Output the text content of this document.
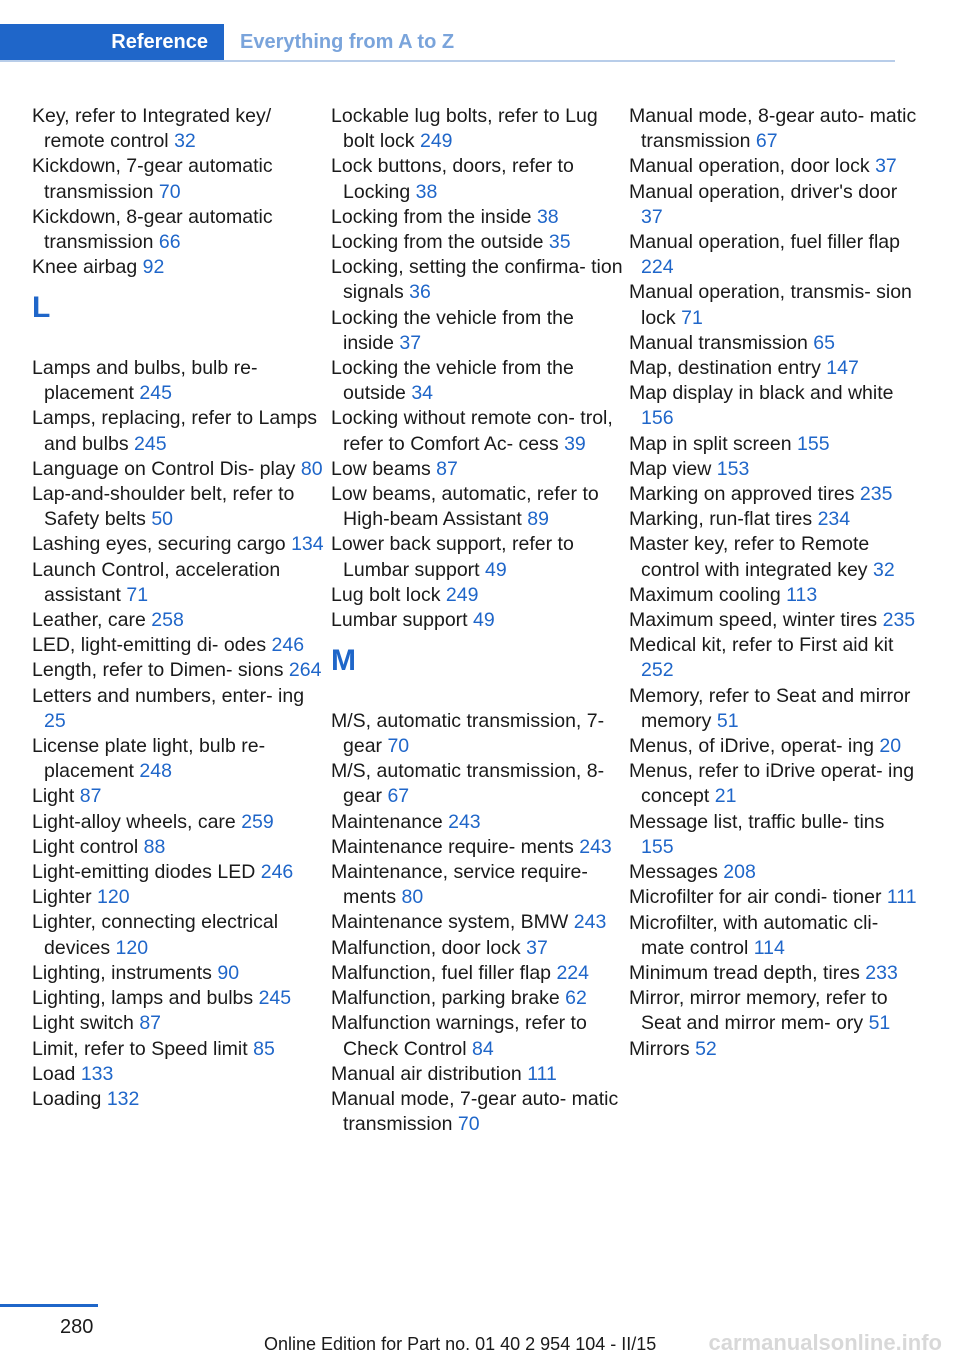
Reference	Everything from A to Z
Key, refer to Integrated key/ remote control 32
Kickdown, 7-gear automatic transmission 70
Kickdown, 8-gear automatic transmission 66
Knee airbag 92
L
Lamps and bulbs, bulb re- placement 245
Lamps, replacing, refer to Lamps and bulbs 245
Language on Control Dis- play 80
Lap-and-shoulder belt, refer to Safety belts 50
Lashing eyes, securing cargo 134
Launch Control, acceleration assistant 71
Leather, care 258
LED, light-emitting di- odes 246
Length, refer to Dimen- sions 264
Letters and numbers, enter- ing 25
License plate light, bulb re- placement 248
Light 87
Light-alloy wheels, care 259
Light control 88
Light-emitting diodes LED 246
Lighter 120
Lighter, connecting electrical devices 120
Lighting, instruments 90
Lighting, lamps and bulbs 245
Light switch 87
Limit, refer to Speed limit 85
Load 133
Loading 132
Lockable lug bolts, refer to Lug bolt lock 249
Lock buttons, doors, refer to Locking 38
Locking from the inside 38
Locking from the outside 35
Locking, setting the confirma- tion signals 36
Locking the vehicle from the inside 37
Locking the vehicle from the outside 34
Locking without remote con- trol, refer to Comfort Ac- cess 39
Low beams 87
Low beams, automatic, refer to High-beam Assistant 89
Lower back support, refer to Lumbar support 49
Lug bolt lock 249
Lumbar support 49
M
M/S, automatic transmission, 7-gear 70
M/S, automatic transmission, 8-gear 67
Maintenance 243
Maintenance require- ments 243
Maintenance, service require- ments 80
Maintenance system, BMW 243
Malfunction, door lock 37
Malfunction, fuel filler flap 224
Malfunction, parking brake 62
Malfunction warnings, refer to Check Control 84
Manual air distribution 111
Manual mode, 7-gear auto- matic transmission 70
Manual mode, 8-gear auto- matic transmission 67
Manual operation, door lock 37
Manual operation, driver's door 37
Manual operation, fuel filler flap 224
Manual operation, transmis- sion lock 71
Manual transmission 65
Map, destination entry 147
Map display in black and white 156
Map in split screen 155
Map view 153
Marking on approved tires 235
Marking, run-flat tires 234
Master key, refer to Remote control with integrated key 32
Maximum cooling 113
Maximum speed, winter tires 235
Medical kit, refer to First aid kit 252
Memory, refer to Seat and mirror memory 51
Menus, of iDrive, operat- ing 20
Menus, refer to iDrive operat- ing concept 21
Message list, traffic bulle- tins 155
Messages 208
Microfilter for air condi- tioner 111
Microfilter, with automatic cli- mate control 114
Minimum tread depth, tires 233
Mirror, mirror memory, refer to Seat and mirror mem- ory 51
Mirrors 52
280
Online Edition for Part no. 01 40 2 954 104 - II/15 carmanualsonline.info
